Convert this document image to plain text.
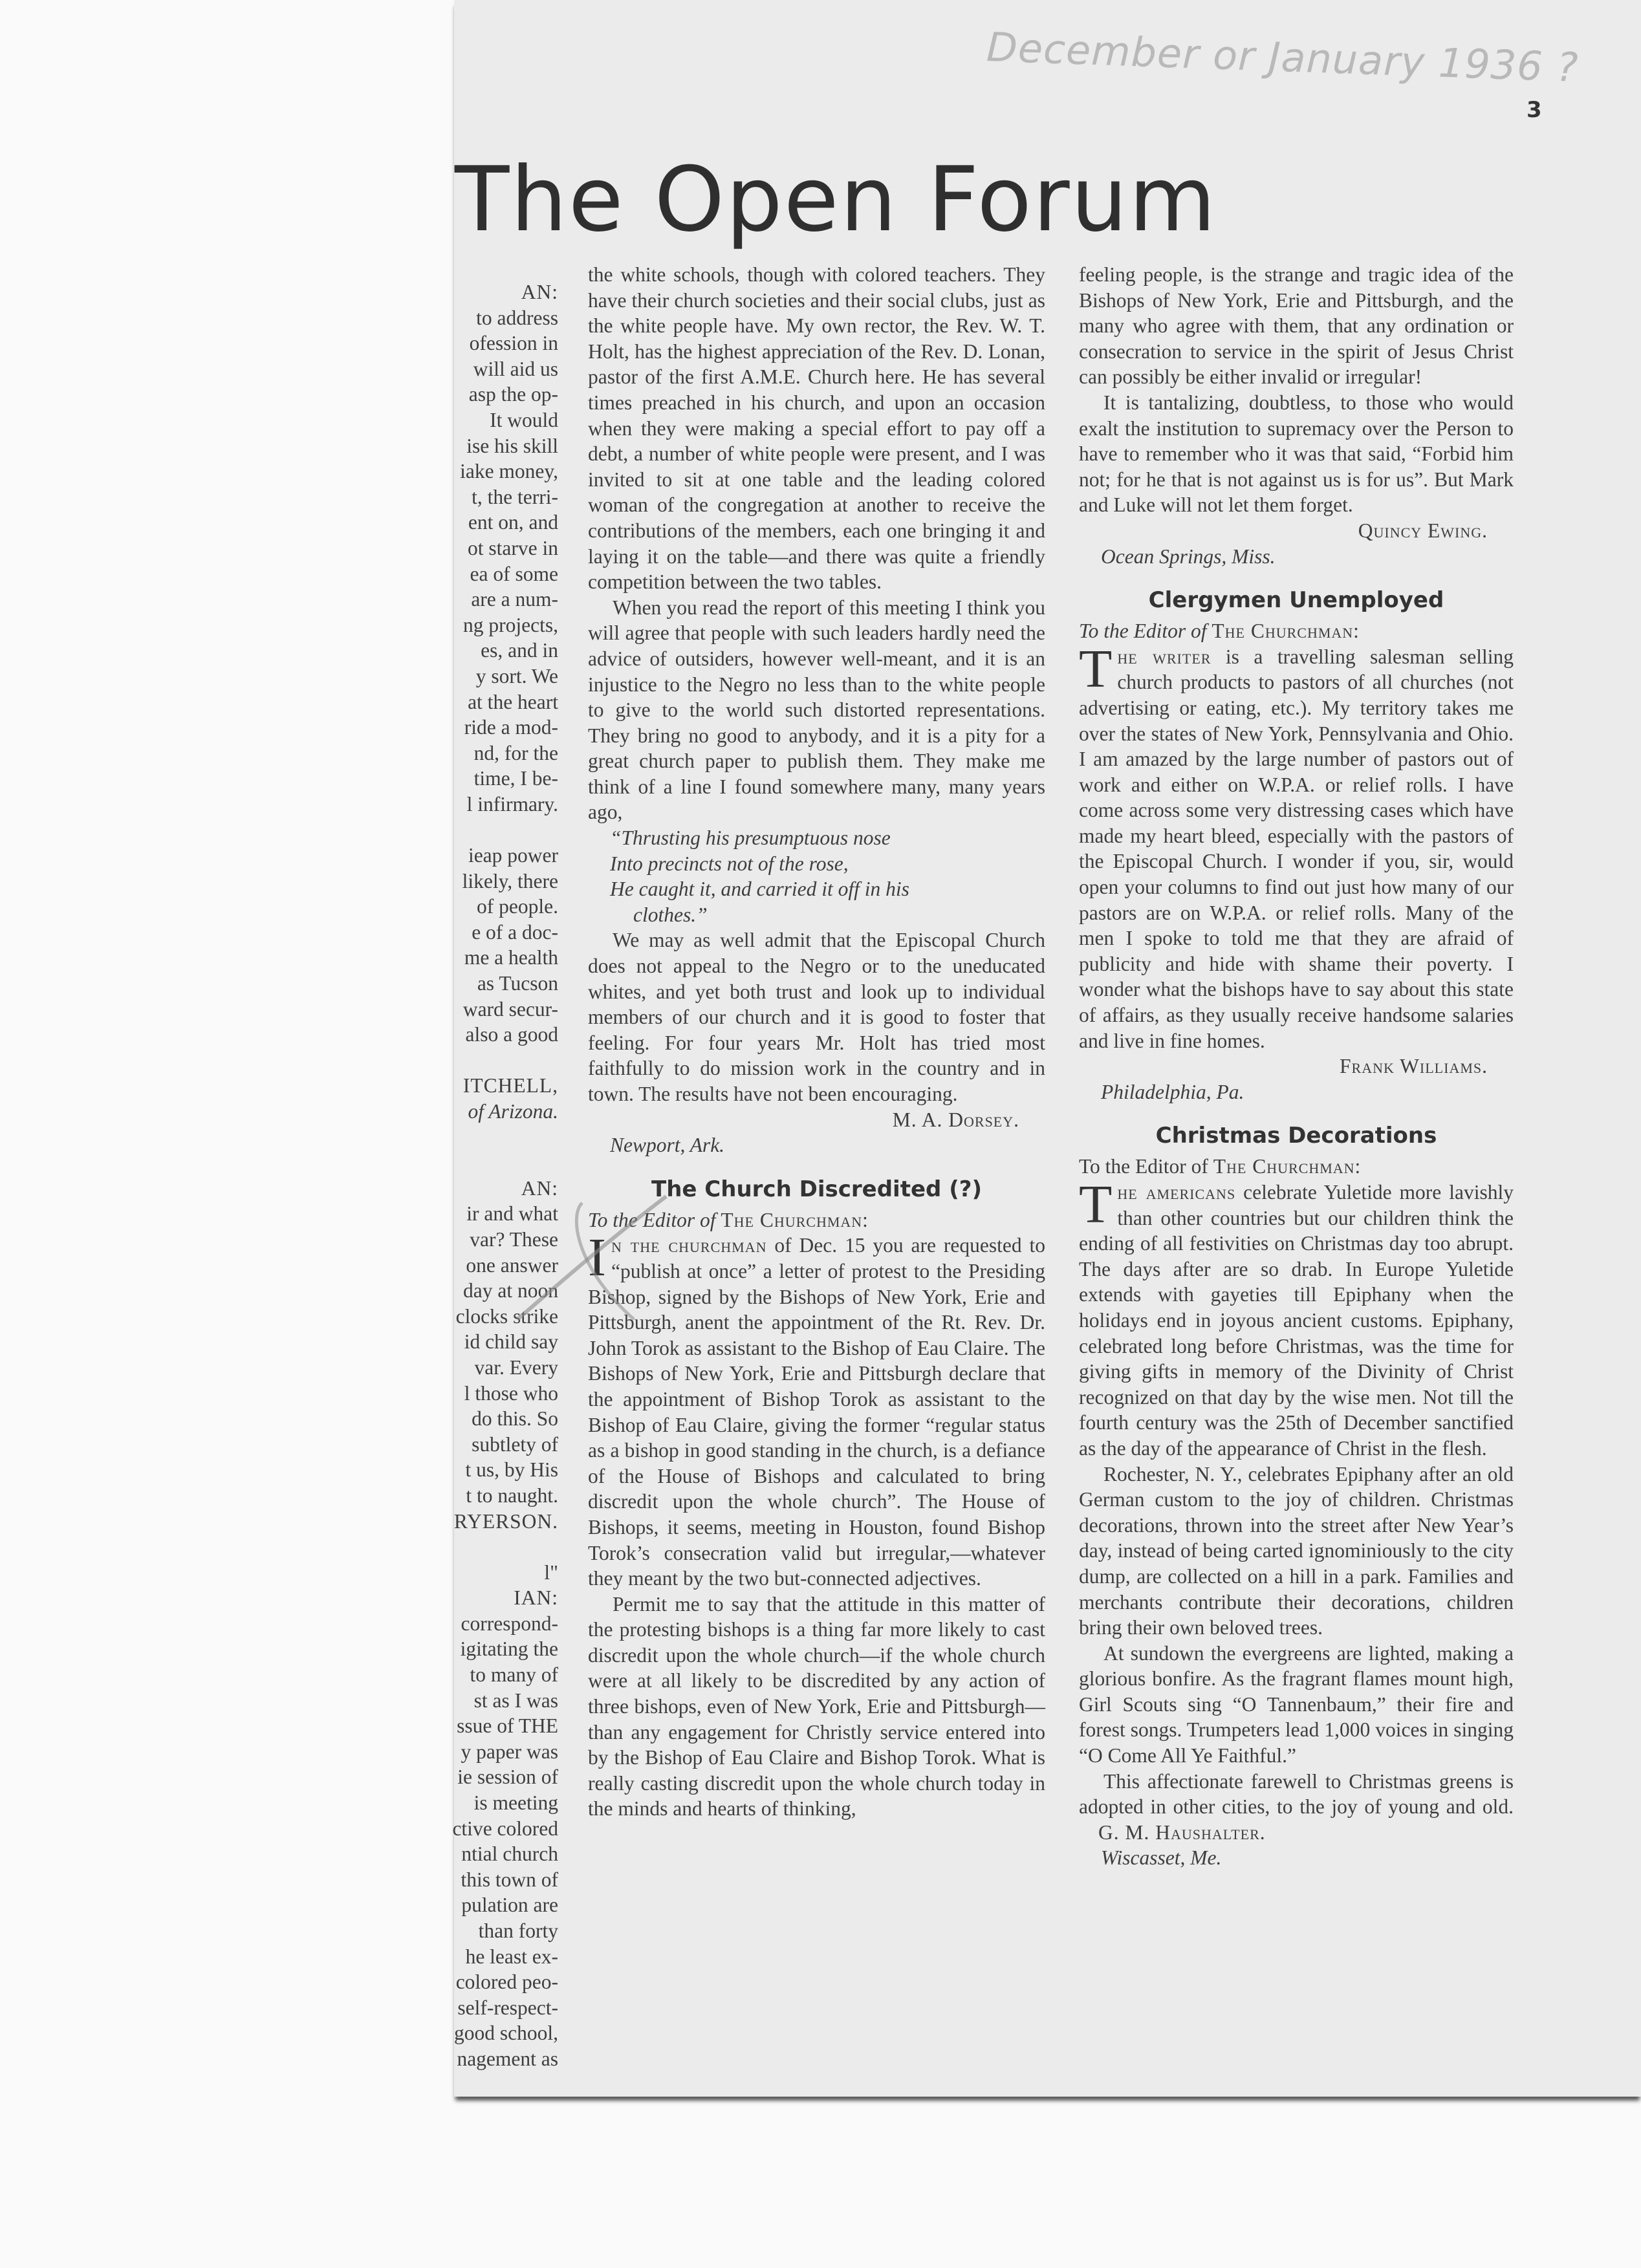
December or January 1936 ?
3
The Open Forum
AN:
to address
ofession in
will aid us
asp the op-
It would
ise his skill
iake money,
t, the terri-
ent on, and
ot starve in
ea of some
are a num-
ng projects,
es, and in
y sort. We
at the heart
ride a mod-
nd, for the
time, I be-
l infirmary.

ieap power
likely, there
of people.
e of a doc-
me a health
as Tucson
ward secur-
also a good

ITCHELL,
of Arizona.

AN:
ir and what
var? These
one answer
day at noon
clocks strike
id child say
var. Every
l those who
do this. So
subtlety of
t us, by His
t to naught.
RYERSON.

l"
IAN:
correspond-
igitating the
to many of
st as I was
ssue of THE
y paper was
ie session of
is meeting
ctive colored
ntial church
this town of
pulation are
than forty
he least ex-
colored peo-
self-respect-
good school,
nagement as

the white schools, though with colored teachers. They have their church societies and their social clubs, just as the white people have. My own rector, the Rev. W. T. Holt, has the highest appreciation of the Rev. D. Lonan, pastor of the first A.M.E. Church here. He has several times preached in his church, and upon an occasion when they were making a special effort to pay off a debt, a number of white people were present, and I was invited to sit at one table and the leading colored woman of the congregation at another to receive the contributions of the members, each one bringing it and laying it on the table—and there was quite a friendly competition between the two tables.

When you read the report of this meeting I think you will agree that people with such leaders hardly need the advice of outsiders, however well-meant, and it is an injustice to the Negro no less than to the white people to give to the world such distorted representations. They bring no good to anybody, and it is a pity for a great church paper to publish them. They make me think of a line I found somewhere many, many years ago,

“Thrusting his presumptuous nose
Into precincts not of the rose,
He caught it, and carried it off in his
clothes.”

We may as well admit that the Episcopal Church does not appeal to the Negro or to the uneducated whites, and yet both trust and look up to individual members of our church and it is good to foster that feeling. For four years Mr. Holt has tried most faithfully to do mission work in the country and in town. The results have not been encouraging.

M. A. Dorsey.
Newport, Ark.
The Church Discredited (?)
To the Editor of The Churchman:

In the churchman of Dec. 15 you are requested to “publish at once” a letter of protest to the Presiding Bishop, signed by the Bishops of New York, Erie and Pittsburgh, anent the appointment of the Rt. Rev. Dr. John Torok as assistant to the Bishop of Eau Claire. The Bishops of New York, Erie and Pittsburgh declare that the appointment of Bishop Torok as assistant to the Bishop of Eau Claire, giving the former “regular status as a bishop in good standing in the church, is a defiance of the House of Bishops and calculated to bring discredit upon the whole church”. The House of Bishops, it seems, meeting in Houston, found Bishop Torok’s consecration valid but irregular,—whatever they meant by the two but-connected adjectives.

Permit me to say that the attitude in this matter of the protesting bishops is a thing far more likely to cast discredit upon the whole church—if the whole church were at all likely to be discredited by any action of three bishops, even of New York, Erie and Pittsburgh—than any engagement for Christly service entered into by the Bishop of Eau Claire and Bishop Torok. What is really casting discredit upon the whole church today in the minds and hearts of thinking,

feeling people, is the strange and tragic idea of the Bishops of New York, Erie and Pittsburgh, and the many who agree with them, that any ordination or consecration to service in the spirit of Jesus Christ can possibly be either invalid or irregular!

It is tantalizing, doubtless, to those who would exalt the institution to supremacy over the Person to have to remember who it was that said, “Forbid him not; for he that is not against us is for us”. But Mark and Luke will not let them forget.

Quincy Ewing.
Ocean Springs, Miss.
Clergymen Unemployed
To the Editor of The Churchman:

The writer is a travelling salesman selling church products to pastors of all churches (not advertising or eating, etc.). My territory takes me over the states of New York, Pennsylvania and Ohio. I am amazed by the large number of pastors out of work and either on W.P.A. or relief rolls. I have come across some very distressing cases which have made my heart bleed, especially with the pastors of the Episcopal Church. I wonder if you, sir, would open your columns to find out just how many of our pastors are on W.P.A. or relief rolls. Many of the men I spoke to told me that they are afraid of publicity and hide with shame their poverty. I wonder what the bishops have to say about this state of affairs, as they usually receive handsome salaries and live in fine homes.

Frank Williams.
Philadelphia, Pa.
Christmas Decorations
To the Editor of The Churchman:

The americans celebrate Yuletide more lavishly than other countries but our children think the ending of all festivities on Christmas day too abrupt. The days after are so drab. In Europe Yuletide extends with gayeties till Epiphany when the holidays end in joyous ancient customs. Epiphany, celebrated long before Christmas, was the time for giving gifts in memory of the Divinity of Christ recognized on that day by the wise men. Not till the fourth century was the 25th of December sanctified as the day of the appearance of Christ in the flesh.

Rochester, N. Y., celebrates Epiphany after an old German custom to the joy of children. Christmas decorations, thrown into the street after New Year’s day, instead of being carted ignominiously to the city dump, are collected on a hill in a park. Families and merchants contribute their decorations, children bring their own beloved trees.

At sundown the evergreens are lighted, making a glorious bonfire. As the fragrant flames mount high, Girl Scouts sing “O Tannenbaum,” their fire and forest songs. Trumpeters lead 1,000 voices in singing “O Come All Ye Faithful.”

This affectionate farewell to Christmas greens is adopted in other cities, to the joy of young and old. G. M. Haushalter.

Wiscasset, Me.
